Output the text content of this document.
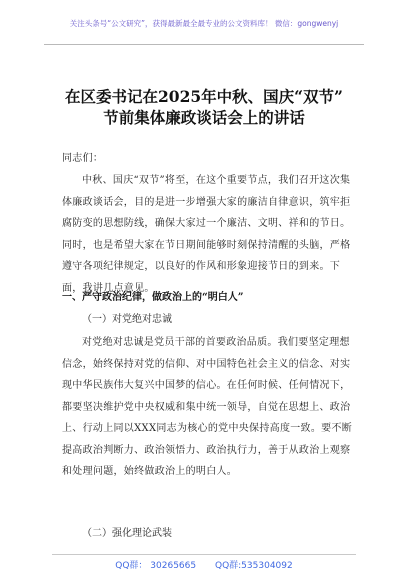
关注头条号“公文研究”，获得最新最全最专业的公文资料库！ 微信：gongwenyj
在区委书记在2025年中秋、国庆“双节”
节前集体廉政谈话会上的讲话
同志们：
中秋、国庆“双节”将至，在这个重要节点，我们召开这次集体廉政谈话会，目的是进一步增强大家的廉洁自律意识，筑牢拒腐防变的思想防线，确保大家过一个廉洁、文明、祥和的节日。同时，也是希望大家在节日期间能够时刻保持清醒的头脑，严格遵守各项纪律规定，以良好的作风和形象迎接节日的到来。下面，我讲几点意见。
一、严守政治纪律，做政治上的“明白人”
（一）对党绝对忠诚
对党绝对忠诚是党员干部的首要政治品质。我们要坚定理想信念，始终保持对党的信仰、对中国特色社会主义的信念、对实现中华民族伟大复兴中国梦的信心。在任何时候、任何情况下，都要坚决维护党中央权威和集中统一领导，自觉在思想上、政治上、行动上同以XXX同志为核心的党中央保持高度一致。要不断提高政治判断力、政治领悟力、政治执行力，善于从政治上观察和处理问题，始终做政治上的明白人。
（二）强化理论武装
QQ群： 30265665 QQ群:535304092
